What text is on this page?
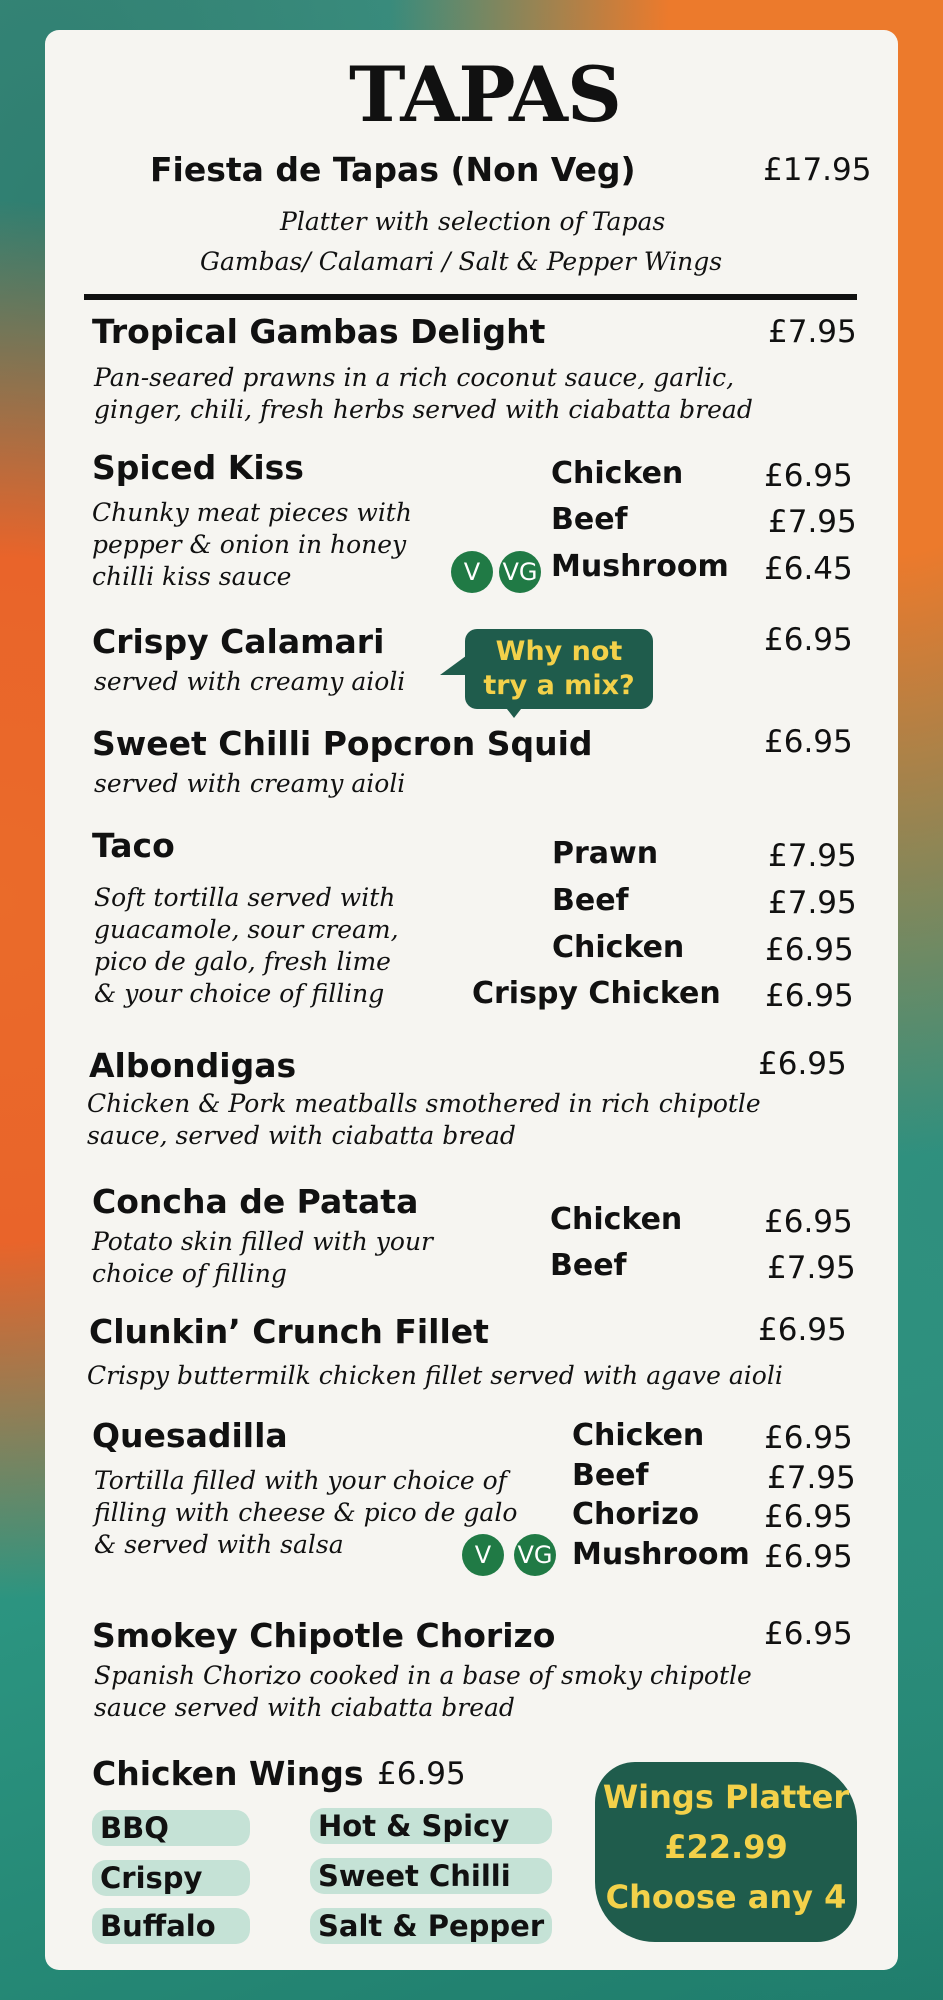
TAPAS
Fiesta de Tapas (Non Veg)	£17.95
Platter with selection of Tapas
Gambas/ Calamari / Salt & Pepper Wings
Tropical Gambas Delight	£7.95
Pan-seared prawns in a rich coconut sauce, garlic,
ginger, chili, fresh herbs served with ciabatta bread
Spiced Kiss
Chunky meat pieces with
pepper & onion in honey
chilli kiss sauce
Chicken	£6.95
Beef	£7.95
Mushroom £6.45
V VG
Crispy Calamari	£6.95
served with creamy aioli
Why not
try a mix?
Sweet Chilli Popcron Squid	£6.95
served with creamy aioli
Taco
Soft tortilla served with
guacamole, sour cream,
pico de galo, fresh lime
& your choice of filling
Prawn	£7.95
Beef	£7.95
Chicken	£6.95
Crispy Chicken £6.95
Albondigas	£6.95
Chicken & Pork meatballs smothered in rich chipotle
sauce, served with ciabatta bread
Concha de Patata
Potato skin filled with your
choice of filling
Chicken	£6.95
Beef	£7.95
Clunkin’ Crunch Fillet	£6.95
Crispy buttermilk chicken fillet served with agave aioli
Quesadilla
Tortilla filled with your choice of
filling with cheese & pico de galo
& served with salsa
Chicken £6.95
Beef	£7.95
Chorizo £6.95
Mushroom £6.95
V	VG
Smokey Chipotle Chorizo	£6.95
Spanish Chorizo cooked in a base of smoky chipotle
sauce served with ciabatta bread
Chicken Wings £6.95
BBQ
Crispy
Buffalo
Hot & Spicy
Sweet Chilli
Salt & Pepper
Wings Platter
£22.99
Choose any 4
